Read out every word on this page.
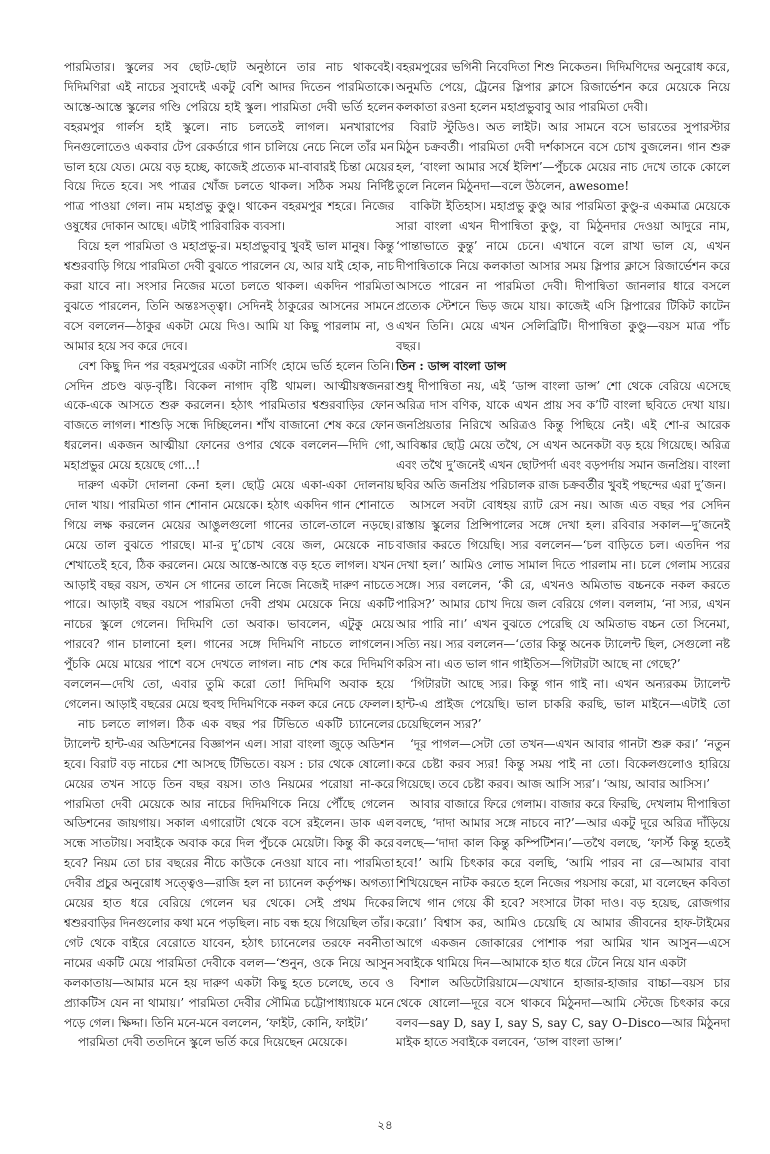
পারমিতার। স্কুলের সব ছোট-ছোট অনুষ্ঠানে তার নাচ থাকবেই। দিদিমণিরা এই নাচের সুবাদেই একটু বেশি আদর দিতেন পারমিতাকে। আস্তে-আস্তে স্কুলের গণ্ডি পেরিয়ে হাই স্কুল। পারমিতা দেবী ভর্তি হলেন বহরমপুর গার্লস হাই স্কুলে। নাচ চলতেই লাগল। মনখারাপের দিনগুলোতেও একবার টেপ রেকর্ডারে গান চালিয়ে নেচে নিলে তাঁর মন ভাল হয়ে যেত। মেয়ে বড় হচ্ছে, কাজেই প্রত্যেক মা-বাবারই চিন্তা মেয়ের বিয়ে দিতে হবে। সৎ পাত্রর খোঁজ চলতে থাকল। সঠিক সময় নির্দিষ্ট পাত্র পাওয়া গেল। নাম মহাপ্রভু কুণ্ডু। থাকেন বহরমপুর শহরে। নিজের ওষুধের দোকান আছে। এটাই পারিবারিক ব্যবসা।

বিয়ে হল পারমিতা ও মহাপ্রভু-র। মহাপ্রভুবাবু খুবই ভাল মানুষ। কিন্তু শ্বশুরবাড়ি গিয়ে পারমিতা দেবী বুঝতে পারলেন যে, আর যাই হোক, নাচ করা যাবে না। সংসার নিজের মতো চলতে থাকল। একদিন পারমিতা বুঝতে পারলেন, তিনি অন্তঃসত্ত্বা। সেদিনই ঠাকুরের আসনের সামনে বসে বললেন—ঠাকুর একটা মেয়ে দিও। আমি যা কিছু পারলাম না, ও আমার হয়ে সব করে দেবে।

বেশ কিছু দিন পর বহরমপুরের একটা নার্সিং হোমে ভর্তি হলেন তিনি। সেদিন প্রচণ্ড ঝড়-বৃষ্টি। বিকেল নাগাদ বৃষ্টি থামল। আত্মীয়স্বজনরা একে-একে আসতে শুরু করলেন। হঠাৎ পারমিতার শ্বশুরবাড়ির ফোন বাজতে লাগল। শাশুড়ি সন্ধে দিচ্ছিলেন। শাঁখ বাজানো শেষ করে ফোন ধরলেন। একজন আত্মীয়া ফোনের ওপার থেকে বললেন—দিদি গো, মহাপ্রভুর মেয়ে হয়েছে গো...!

দারুণ একটা দোলনা কেনা হল। ছোট্ট মেয়ে একা-একা দোলনায় দোল খায়। পারমিতা গান শোনান মেয়েকে। হঠাৎ একদিন গান শোনাতে গিয়ে লক্ষ করলেন মেয়ের আঙুলগুলো গানের তালে-তালে নড়ছে। মেয়ে তাল বুঝতে পারছে। মা-র দু’চোখ বেয়ে জল, মেয়েকে নাচ শেখাতেই হবে, ঠিক করলেন। মেয়ে আস্তে-আস্তে বড় হতে লাগল। যখন আড়াই বছর বয়স, তখন সে গানের তালে নিজে নিজেই দারুণ নাচতে পারে। আড়াই বছর বয়সে পারমিতা দেবী প্রথম মেয়েকে নিয়ে একটি নাচের স্কুলে গেলেন। দিদিমণি তো অবাক। ভাবলেন, এটুকু মেয়ে পারবে? গান চালানো হল। গানের সঙ্গে দিদিমণি নাচতে লাগলেন। পুঁচকি মেয়ে মায়ের পাশে বসে দেখতে লাগল। নাচ শেষ করে দিদিমণি বললেন—দেখি তো, এবার তুমি করো তো! দিদিমণি অবাক হয়ে গেলেন। আড়াই বছরের মেয়ে হুবহু দিদিমণিকে নকল করে নেচে ফেলল।

নাচ চলতে লাগল। ঠিক এক বছর পর টিভিতে একটি চ্যানেলের ট্যালেন্ট হান্ট-এর অডিশনের বিজ্ঞাপন এল। সারা বাংলা জুড়ে অডিশন হবে। বিরাট বড় নাচের শো আসছে টিভিতে। বয়স : চার থেকে ষোলো। মেয়ের তখন সাড়ে তিন বছর বয়স। তাও নিয়মের পরোয়া না-করে পারমিতা দেবী মেয়েকে আর নাচের দিদিমণিকে নিয়ে পৌঁছে গেলেন অডিশনের জায়গায়। সকাল এগারোটা থেকে বসে রইলেন। ডাক এল সন্ধে সাতটায়। সবাইকে অবাক করে দিল পুঁচকে মেয়েটা। কিন্তু কী করে হবে? নিয়ম তো চার বছরের নীচে কাউকে নেওয়া যাবে না। পারমিতা দেবীর প্রচুর অনুরোধ সত্ত্বেও—রাজি হল না চ্যানেল কর্তৃপক্ষ। অগত্যা মেয়ের হাত ধরে বেরিয়ে গেলেন ঘর থেকে। সেই প্রথম দিকের শ্বশুরবাড়ির দিনগুলোর কথা মনে পড়ছিল। নাচ বন্ধ হয়ে গিয়েছিল তাঁর। গেট থেকে বাইরে বেরোতে যাবেন, হঠাৎ চ্যানেলের তরফে নবনীতা নামের একটি মেয়ে পারমিতা দেবীকে বলল—‘শুনুন, ওকে নিয়ে আসুন কলকাতায়—আমার মনে হয় দারুণ একটা কিছু হতে চলেছে, তবে ও প্র্যাকটিস যেন না থামায়।’ পারমিতা দেবীর সৌমিত্র চট্টোপাধ্যায়কে মনে পড়ে গেল। ক্ষিদ্দা। তিনি মনে-মনে বললেন, ‘ফাইট, কোনি, ফাইট।’

পারমিতা দেবী ততদিনে স্কুলে ভর্তি করে দিয়েছেন মেয়েকে।

বহরমপুরের ভগিনী নিবেদিতা শিশু নিকেতন। দিদিমণিদের অনুরোধ করে, অনুমতি পেয়ে, ট্রেনের স্লিপার ক্লাসে রিজার্ভেশন করে মেয়েকে নিয়ে কলকাতা রওনা হলেন মহাপ্রভুবাবু আর পারমিতা দেবী।

বিরাট স্টুডিও। অত লাইট। আর সামনে বসে ভারতের সুপারস্টার মিঠুন চক্রবর্তী। পারমিতা দেবী দর্শকাসনে বসে চোখ বুজলেন। গান শুরু হল, ‘বাংলা আমার সর্ষে ইলিশ’—পুঁচকে মেয়ের নাচ দেখে তাকে কোলে তুলে নিলেন মিঠুনদা—বলে উঠলেন, awesome!

বাকিটা ইতিহাস। মহাপ্রভু কুণ্ডু আর পারমিতা কুণ্ডু-র একমাত্র মেয়েকে সারা বাংলা এখন দীপান্বিতা কুণ্ডু, বা মিঠুনদার দেওয়া আদুরে নাম, ‘পান্তাভাতে কুন্তু’ নামে চেনে। এখানে বলে রাখা ভাল যে, এখন দীপান্বিতাকে নিয়ে কলকাতা আসার সময় স্লিপার ক্লাসে রিজার্ভেশন করে আসতে পারেন না পারমিতা দেবী। দীপান্বিতা জানলার ধারে বসলে প্রত্যেক স্টেশনে ভিড় জমে যায়। কাজেই এসি স্লিপারের টিকিট কাটেন এখন তিনি। মেয়ে এখন সেলিব্রিটি। দীপান্বিতা কুণ্ডু—বয়স মাত্র পাঁচ বছর।

তিন : ডান্স বাংলা ডান্স

শুধু দীপান্বিতা নয়, এই ‘ডান্স বাংলা ডান্স’ শো থেকে বেরিয়ে এসেছে অরিত্র দাস বণিক, যাকে এখন প্রায় সব ক’টি বাংলা ছবিতে দেখা যায়। জনপ্রিয়তার নিরিখে অরিত্রও কিন্তু পিছিয়ে নেই। এই শো-র আরেক আবিষ্কার ছোট্ট মেয়ে তথৈ, সে এখন অনেকটা বড় হয়ে গিয়েছে। অরিত্র এবং তথৈ দু’জনেই এখন ছোটপর্দা এবং বড়পর্দায় সমান জনপ্রিয়। বাংলা ছবির অতি জনপ্রিয় পরিচালক রাজ চক্রবর্তীর খুবই পছন্দের এরা দু’জন।

আসলে সবটা বোধহয় র‍্যাট রেস নয়। আজ এত বছর পর সেদিন রাস্তায় স্কুলের প্রিন্সিপালের সঙ্গে দেখা হল। রবিবার সকাল—দু’জনেই বাজার করতে গিয়েছি। স্যর বললেন—‘চল বাড়িতে চল। এতদিন পর দেখা হল।’ আমিও লোভ সামাল দিতে পারলাম না। চলে গেলাম স্যরের সঙ্গে। স্যর বললেন, ‘কী রে, এখনও অমিতাভ বচ্চনকে নকল করতে পারিস?’ আমার চোখ দিয়ে জল বেরিয়ে গেল। বললাম, ‘না স্যর, এখন আর পারি না।’ এখন বুঝতে পেরেছি যে অমিতাভ বচ্চন তো সিনেমা, সত্যি নয়। স্যর বললেন—‘তোর কিন্তু অনেক ট্যালেন্ট ছিল, সেগুলো নষ্ট করিস না। এত ভাল গান গাইতিস—গিটারটা আছে না গেছে?’

‘গিটারটা আছে স্যর। কিন্তু গান গাই না। এখন অন্যরকম ট্যালেন্ট হান্ট-এ প্রাইজ পেয়েছি। ভাল চাকরি করছি, ভাল মাইনে—এটাই তো চেয়েছিলেন স্যর?’

‘দূর পাগল—সেটা তো তখন—এখন আবার গানটা শুরু কর।’ ‘নতুন করে চেষ্টা করব স্যর! কিন্তু সময় পাই না তো। বিকেলগুলোও হারিয়ে গিয়েছে। তবে চেষ্টা করব। আজ আসি স্যর’। ‘আয়, আবার আসিস।’

আবার বাজারে ফিরে গেলাম। বাজার করে ফিরছি, দেখলাম দীপান্বিতা বলছে, ‘দাদা আমার সঙ্গে নাচবে না?’—আর একটু দূরে অরিত্র দাঁড়িয়ে বলছে—‘দাদা কাল কিন্তু কম্পিটিশন।’—তথৈ বলছে, ‘ফার্স্ট কিন্তু হতেই হবে!’ আমি চিৎকার করে বলছি, ‘আমি পারব না রে—আমার বাবা শিখিয়েছেন নাটক করতে হলে নিজের পয়সায় করো, মা বলেছেন কবিতা লিখে গান গেয়ে কী হবে? সংসারে টাকা দাও। বড় হয়েছ, রোজগার করো।’ বিশ্বাস কর, আমিও চেয়েছি যে আমার জীবনের হাফ-টাইমের আগে একজন জোকারের পোশাক পরা আমির খান আসুন—এসে সবাইকে থামিয়ে দিন—আমাকে হাত ধরে টেনে নিয়ে যান একটা

বিশাল অডিটোরিয়ামে—যেখানে হাজার-হাজার বাচ্চা—বয়স চার থেকে ষোলো—দূরে বসে থাকবে মিঠুনদা—আমি স্টেজে চিৎকার করে বলব—say D, say I, say S, say C, say O–Disco—আর মিঠুনদা মাইক হাতে সবাইকে বলবেন, ‘ডান্স বাংলা ডান্স।’

২৪
